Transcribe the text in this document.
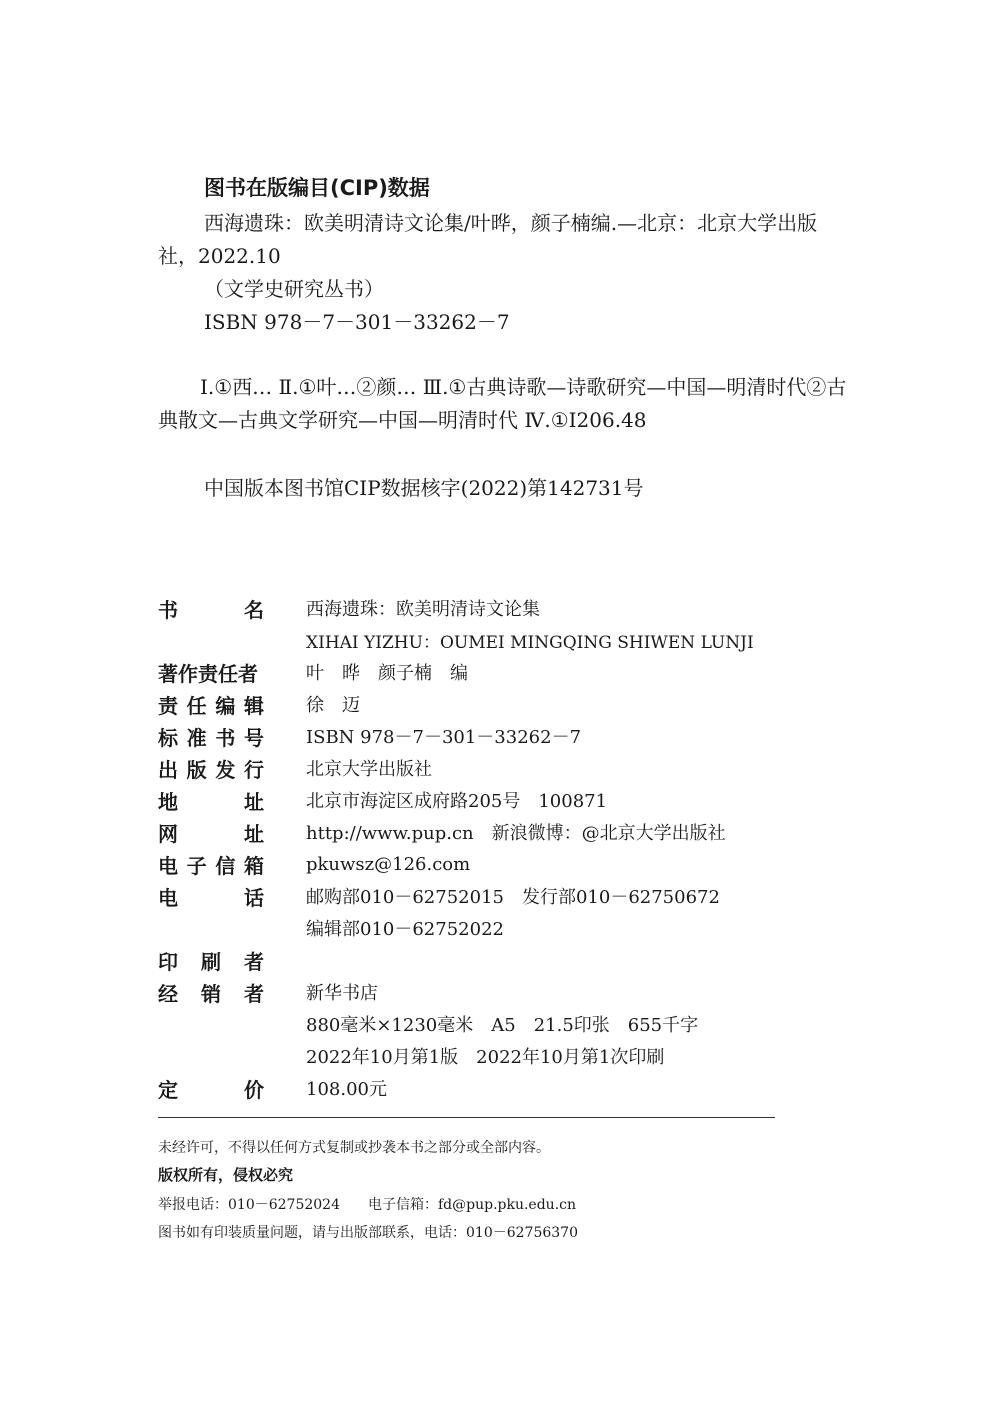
图书在版编目(CIP)数据
西海遗珠：欧美明清诗文论集/叶晔，颜子楠编.—北京：北京大学出版社，2022.10
（文学史研究丛书）
ISBN 978－7－301－33262－7
Ⅰ.①西… Ⅱ.①叶…②颜… Ⅲ.①古典诗歌—诗歌研究—中国—明清时代②古典散文—古典文学研究—中国—明清时代 Ⅳ.①I206.48
中国版本图书馆CIP数据核字(2022)第142731号
书	名	西海遗珠：欧美明清诗文论集
XIHAI YIZHU：OUMEI MINGQING SHIWEN LUNJI
著作责任者	叶　晔　颜子楠　编
责 任 编 辑	徐　迈
标 准 书 号	ISBN 978－7－301－33262－7
出 版 发 行	北京大学出版社
地	址	北京市海淀区成府路205号　100871
网	址	http://www.pup.cn　新浪微博：@北京大学出版社
电 子 信 箱	pkuwsz@126.com
电	话	邮购部010－62752015　发行部010－62750672
编辑部010－62752022
印 刷 者
经 销 者	新华书店
880毫米×1230毫米　A5　21.5印张　655千字
2022年10月第1版　2022年10月第1次印刷
定	价	108.00元
未经许可，不得以任何方式复制或抄袭本书之部分或全部内容。
版权所有，侵权必究
举报电话：010－62752024　　电子信箱：fd@pup.pku.edu.cn
图书如有印装质量问题，请与出版部联系，电话：010－62756370
